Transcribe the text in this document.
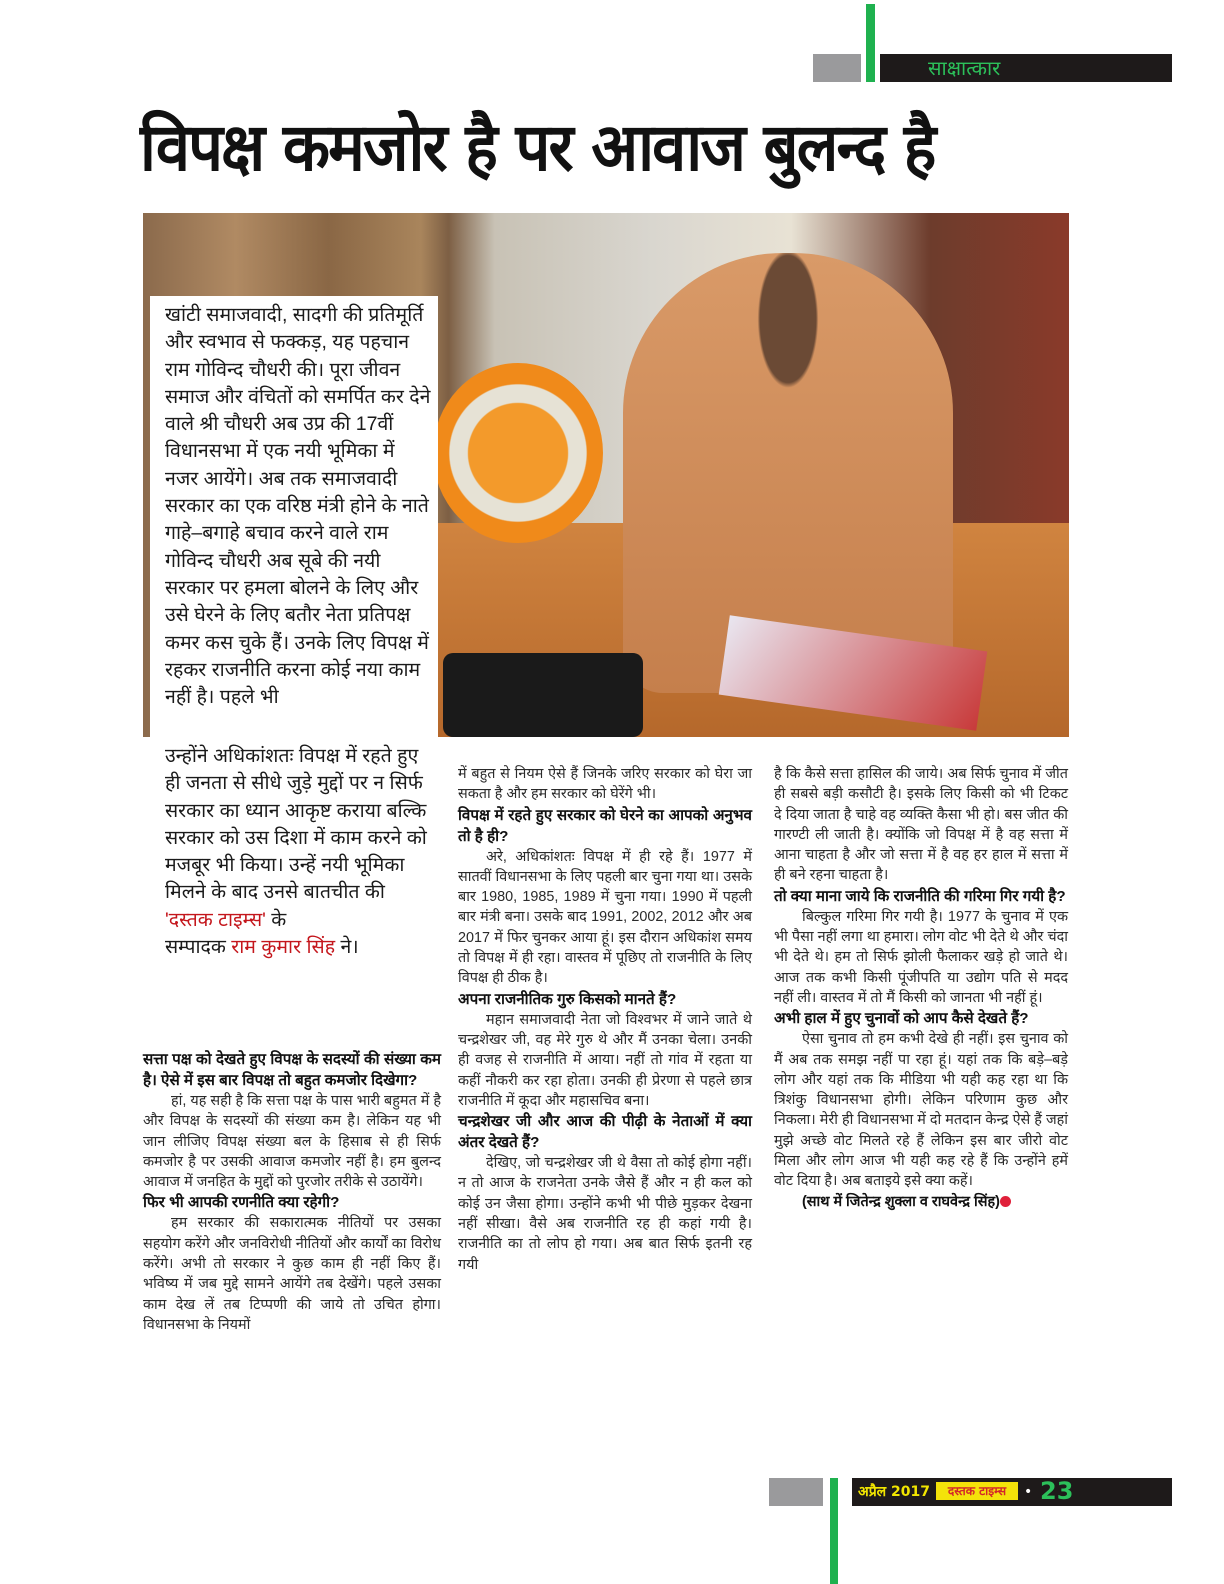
साक्षात्कार
विपक्ष कमजोर है पर आवाज बुलन्द है
खांटी समाजवादी, सादगी की प्रतिमूर्ति और स्वभाव से फक्कड़, यह पहचान राम गोविन्द चौधरी की। पूरा जीवन समाज और वंचितों को समर्पित कर देने वाले श्री चौधरी अब उप्र की 17वीं विधानसभा में एक नयी भूमिका में नजर आयेंगे। अब तक समाजवादी सरकार का एक वरिष्ठ मंत्री होने के नाते गाहे–बगाहे बचाव करने वाले राम गोविन्द चौधरी अब सूबे की नयी सरकार पर हमला बोलने के लिए और उसे घेरने के लिए बतौर नेता प्रतिपक्ष कमर कस चुके हैं। उनके लिए विपक्ष में रहकर राजनीति करना कोई नया काम नहीं है। पहले भी
उन्होंने अधिकांशतः विपक्ष में रहते हुए ही जनता से सीधे जुड़े मुद्दों पर न सिर्फ सरकार का ध्यान आकृष्ट कराया बल्कि सरकार को उस दिशा में काम करने को मजबूर भी किया। उन्हें नयी भूमिका मिलने के बाद उनसे बातचीत की
'दस्तक टाइम्स' के
सम्पादक राम कुमार सिंह ने।
सत्ता पक्ष को देखते हुए विपक्ष के सदस्यों की संख्या कम है। ऐसे में इस बार विपक्ष तो बहुत कमजोर दिखेगा?

हां, यह सही है कि सत्ता पक्ष के पास भारी बहुमत में है और विपक्ष के सदस्यों की संख्या कम है। लेकिन यह भी जान लीजिए विपक्ष संख्या बल के हिसाब से ही सिर्फ कमजोर है पर उसकी आवाज कमजोर नहीं है। हम बुलन्द आवाज में जनहित के मुद्दों को पुरजोर तरीके से उठायेंगे।

फिर भी आपकी रणनीति क्या रहेगी?

हम सरकार की सकारात्मक नीतियों पर उसका सहयोग करेंगे और जनविरोधी नीतियों और कार्यों का विरोध करेंगे। अभी तो सरकार ने कुछ काम ही नहीं किए हैं। भविष्य में जब मुद्दे सामने आयेंगे तब देखेंगे। पहले उसका काम देख लें तब टिप्पणी की जाये तो उचित होगा। विधानसभा के नियमों

में बहुत से नियम ऐसे हैं जिनके जरिए सरकार को घेरा जा सकता है और हम सरकार को घेरेंगे भी।

विपक्ष में रहते हुए सरकार को घेरने का आपको अनुभव तो है ही?

अरे, अधिकांशतः विपक्ष में ही रहे हैं। 1977 में सातवीं विधानसभा के लिए पहली बार चुना गया था। उसके बार 1980, 1985, 1989 में चुना गया। 1990 में पहली बार मंत्री बना। उसके बाद 1991, 2002, 2012 और अब 2017 में फिर चुनकर आया हूं। इस दौरान अधिकांश समय तो विपक्ष में ही रहा। वास्तव में पूछिए तो राजनीति के लिए विपक्ष ही ठीक है।

अपना राजनीतिक गुरु किसको मानते हैं?

महान समाजवादी नेता जो विश्वभर में जाने जाते थे चन्द्रशेखर जी, वह मेरे गुरु थे और मैं उनका चेला। उनकी ही वजह से राजनीति में आया। नहीं तो गांव में रहता या कहीं नौकरी कर रहा होता। उनकी ही प्रेरणा से पहले छात्र राजनीति में कूदा और महासचिव बना।

चन्द्रशेखर जी और आज की पीढ़ी के नेताओं में क्या अंतर देखते हैं?

देखिए, जो चन्द्रशेखर जी थे वैसा तो कोई होगा नहीं। न तो आज के राजनेता उनके जैसे हैं और न ही कल को कोई उन जैसा होगा। उन्होंने कभी भी पीछे मुड़कर देखना नहीं सीखा। वैसे अब राजनीति रह ही कहां गयी है। राजनीति का तो लोप हो गया। अब बात सिर्फ इतनी रह गयी

है कि कैसे सत्ता हासिल की जाये। अब सिर्फ चुनाव में जीत ही सबसे बड़ी कसौटी है। इसके लिए किसी को भी टिकट दे दिया जाता है चाहे वह व्यक्ति कैसा भी हो। बस जीत की गारण्टी ली जाती है। क्योंकि जो विपक्ष में है वह सत्ता में आना चाहता है और जो सत्ता में है वह हर हाल में सत्ता में ही बने रहना चाहता है।

तो क्या माना जाये कि राजनीति की गरिमा गिर गयी है?

बिल्कुल गरिमा गिर गयी है। 1977 के चुनाव में एक भी पैसा नहीं लगा था हमारा। लोग वोट भी देते थे और चंदा भी देते थे। हम तो सिर्फ झोली फैलाकर खड़े हो जाते थे। आज तक कभी किसी पूंजीपति या उद्योग पति से मदद नहीं ली। वास्तव में तो मैं किसी को जानता भी नहीं हूं।

अभी हाल में हुए चुनावों को आप कैसे देखते हैं?

ऐसा चुनाव तो हम कभी देखे ही नहीं। इस चुनाव को मैं अब तक समझ नहीं पा रहा हूं। यहां तक कि बड़े–बड़े लोग और यहां तक कि मीडिया भी यही कह रहा था कि त्रिशंकु विधानसभा होगी। लेकिन परिणाम कुछ और निकला। मेरी ही विधानसभा में दो मतदान केन्द्र ऐसे हैं जहां मुझे अच्छे वोट मिलते रहे हैं लेकिन इस बार जीरो वोट मिला और लोग आज भी यही कह रहे हैं कि उन्होंने हमें वोट दिया है। अब बताइये इसे क्या कहें।

(साथ में जितेन्द्र शुक्ला व राघवेन्द्र सिंह)

अप्रैल 2017	दस्तक टाइम्स	• 23
